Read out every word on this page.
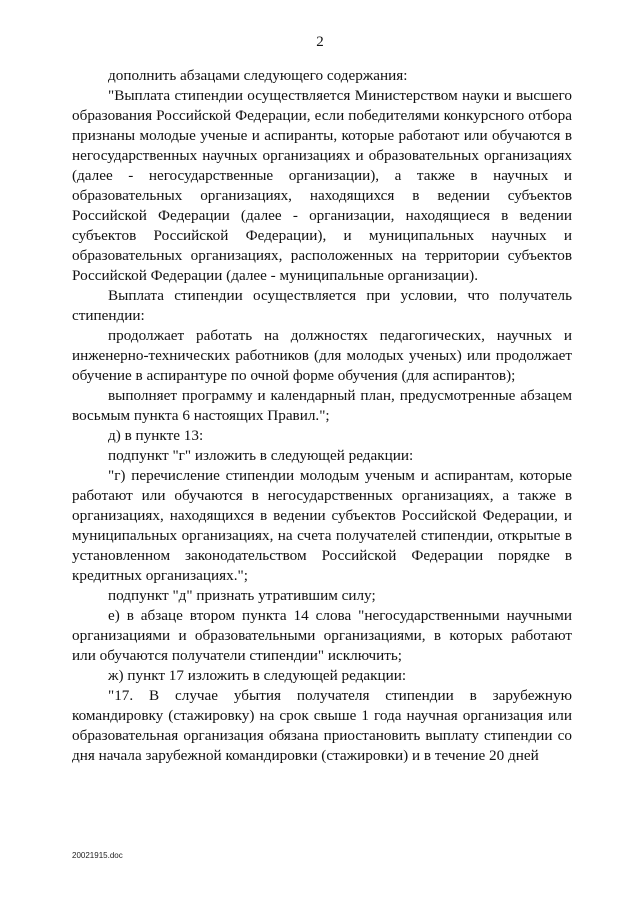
2

дополнить абзацами следующего содержания:

"Выплата стипендии осуществляется Министерством науки и высшего образования Российской Федерации, если победителями конкурсного отбора признаны молодые ученые и аспиранты, которые работают или обучаются в негосударственных научных организациях и образовательных организациях (далее - негосударственные организации), а также в научных и образовательных организациях, находящихся в ведении субъектов Российской Федерации (далее - организации, находящиеся в ведении субъектов Российской Федерации), и муниципальных научных и образовательных организациях, расположенных на территории субъектов Российской Федерации (далее - муниципальные организации).

Выплата стипендии осуществляется при условии, что получатель стипендии:

продолжает работать на должностях педагогических, научных и инженерно-технических работников (для молодых ученых) или продолжает обучение в аспирантуре по очной форме обучения (для аспирантов);

выполняет программу и календарный план, предусмотренные абзацем восьмым пункта 6 настоящих Правил.";

д) в пункте 13:

подпункт "г" изложить в следующей редакции:

"г) перечисление стипендии молодым ученым и аспирантам, которые работают или обучаются в негосударственных организациях, а также в организациях, находящихся в ведении субъектов Российской Федерации, и муниципальных организациях, на счета получателей стипендии, открытые в установленном законодательством Российской Федерации порядке в кредитных организациях.";

подпункт "д" признать утратившим силу;

е) в абзаце втором пункта 14 слова "негосударственными научными организациями и образовательными организациями, в которых работают или обучаются получатели стипендии" исключить;

ж) пункт 17 изложить в следующей редакции:

"17. В случае убытия получателя стипендии в зарубежную командировку (стажировку) на срок свыше 1 года научная организация или образовательная организация обязана приостановить выплату стипендии со дня начала зарубежной командировки (стажировки) и в течение 20 дней

20021915.doc
